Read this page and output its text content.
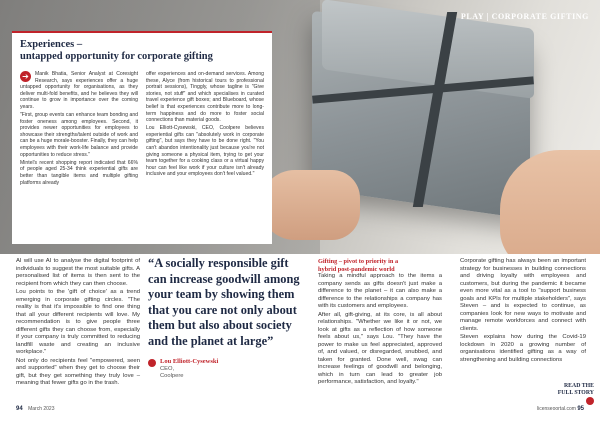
PLAY | CORPORATE GIFTING
Experiences –
untapped opportunity for corporate gifting

➔	Manik Bhatia, Senior Analyst at Coresight Research, says experiences offer a huge untapped opportunity for organisations, as they deliver multi-fold benefits, and he believes they will continue to grow in importance over the coming years.

"First, group events can enhance team bonding and foster oneness among employees. Second, it provides newer opportunities for employees to showcase their strengths/talent outside of work and can be a huge morale-booster. Finally, they can help employees with their work-life balance and provide opportunities to reduce stress."

Mintel's recent shopping report indicated that 66% of people aged 25-34 think experiential gifts are better than tangible items and multiple gifting platforms already

offer experiences and on-demand services. Among these, Alyce (from historical tours to professional portrait sessions), Tinggly, whose tagline is "Give stories, not stuff" and which specialises in curated travel experience gift boxes; and Blueboard, whose belief is that experiences contribute more to long-term happiness and do more to foster social connections than material goods.

Lou Elliott-Cysewski, CEO, Coolpere believes experiential gifts can "absolutely work in corporate gifting", but says they have to be done right. "You can't abandon intentionality just because you're not giving someone a physical item, trying to get your team together for a cooking class or a virtual happy hour can feel like work if your culture isn't already inclusive and your employees don't feel valued."

AI will use AI to analyse the digital footprint of individuals to suggest the most suitable gifts. A personalised list of items is then sent to the recipient from which they can then choose.

Lou points to the 'gift of choice' as a trend emerging in corporate gifting circles. "The reality is that it's impossible to find one thing that all your different recipients will love. My recommendation is to give people three different gifts they can choose from, especially if your company is truly committed to reducing landfill waste and creating an inclusive workplace."

Not only do recipients feel "empowered, seen and supported" when they get to choose their gift, but they get something they truly love – meaning that fewer gifts go in the trash.

“A socially responsible gift can increase goodwill among your team by showing them that you care not only about them but also about society and the planet at large”
Lou Elliott-Cysewski
CEO,
Coolpere
Gifting – pivot to priority in a
hybrid post-pandemic world

Taking a mindful approach to the items a company sends as gifts doesn't just make a difference to the planet – it can also make a difference to the relationships a company has with its customers and employees.

After all, gift-giving, at its core, is all about relationships. "Whether we like it or not, we look at gifts as a reflection of how someone feels about us," says Lou. "They have the power to make us feel appreciated, approved of, and valued, or disregarded, snubbed, and taken for granted. Done well, swag can increase feelings of goodwill and belonging, which in turn can lead to greater job performance, satisfaction, and loyalty."

Corporate gifting has always been an important strategy for businesses in building connections and driving loyalty with employees and customers, but during the pandemic it became even more vital as a tool to "support business goals and KPIs for multiple stakeholders", says Steven – and is expected to continue, as companies look for new ways to motivate and manage remote workforces and connect with clients.

Steven explains how during the Covid-19 lockdown in 2020 a growing number of organisations identified gifting as a way of strengthening and building connections

READ THE
FULL STORY
94 March 2023	licenseoortal.com 95
